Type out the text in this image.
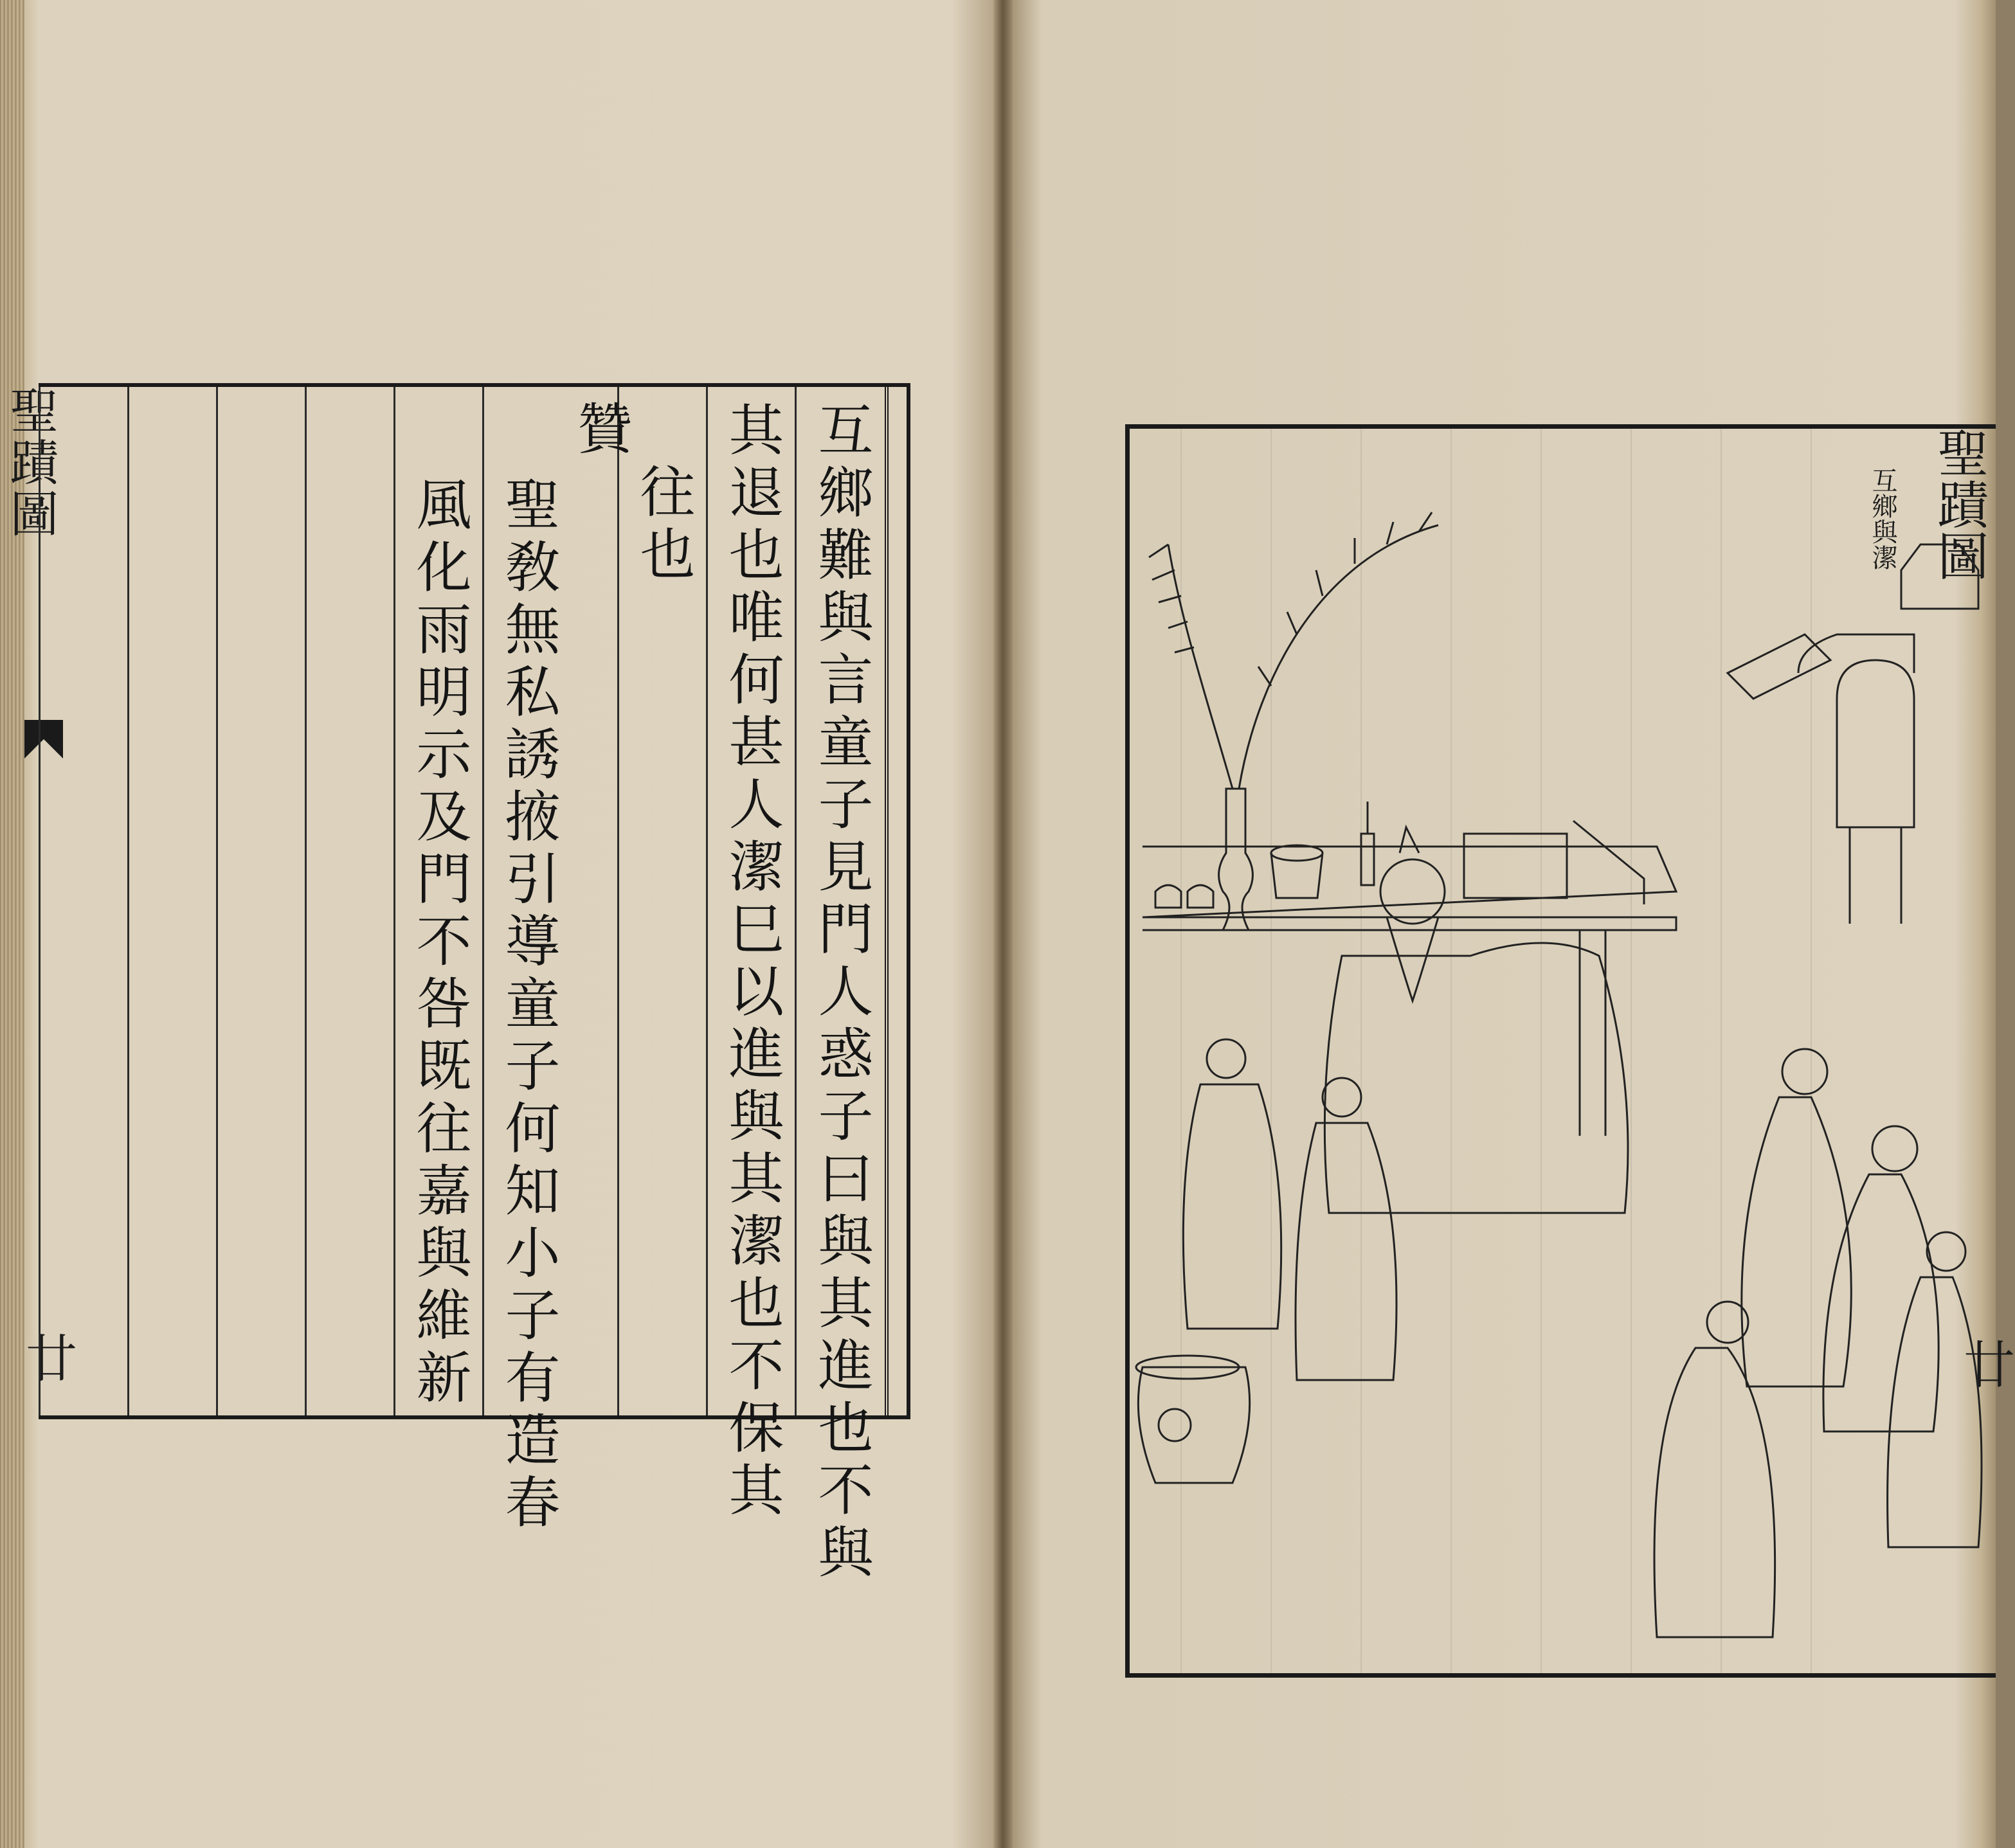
聖蹟圖
廿	風化雨明示及門不咎既往嘉與維新 聖敎無私誘掖引導童子何知小子有造春 往也 其退也唯何甚人潔巳以進與其潔也不保其 互鄉難與言童子見門人惑子曰與其進也不與
贊	聖蹟圖
廿
互鄉與潔
